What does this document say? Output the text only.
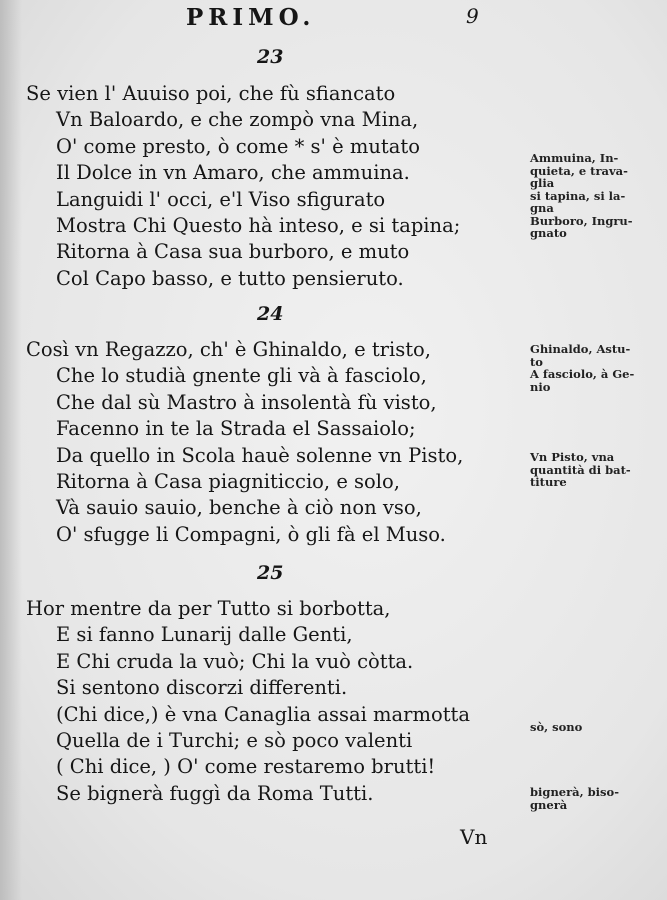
PRIMO.	9
23
Se vien l' Auuiso poi, che fù sfiancato
Vn Baloardo, e che zompò vna Mina,
O' come presto, ò come * s' è mutato
Il Dolce in vn Amaro, che ammuina.
Languidi l' occi, e'l Viso sfigurato
Mostra Chi Questo hà inteso, e si tapina;
Ritorna à Casa sua burboro, e muto
Col Capo basso, e tutto pensieruto.
24
Così vn Regazzo, ch' è Ghinaldo, e tristo,
Che lo studià gnente gli và à fasciolo,
Che dal sù Mastro à insolentà fù visto,
Facenno in te la Strada el Sassaiolo;
Da quello in Scola hauè solenne vn Pisto,
Ritorna à Casa piagniticcio, e solo,
Và sauio sauio, benche à ciò non vso,
O' sfugge li Compagni, ò gli fà el Muso.
25
Hor mentre da per Tutto si borbotta,
E si fanno Lunarij dalle Genti,
E Chi cruda la vuò; Chi la vuò còtta.
Si sentono discorzi differenti.
(Chi dice,) è vna Canaglia assai marmotta
Quella de i Turchi; e sò poco valenti
( Chi dice, ) O' come restaremo brutti!
Se bignerà fuggì da Roma Tutti.
Ammuina, In-
quieta, e trava-
glia
si tapina, si la-
gna
Burboro, Ingru-
gnato
Ghinaldo, Astu-
to
A fasciolo, à Ge-
nio
Vn Pisto, vna
quantità di bat-
titure
sò, sono
bignerà, biso-
gnerà
Vn
